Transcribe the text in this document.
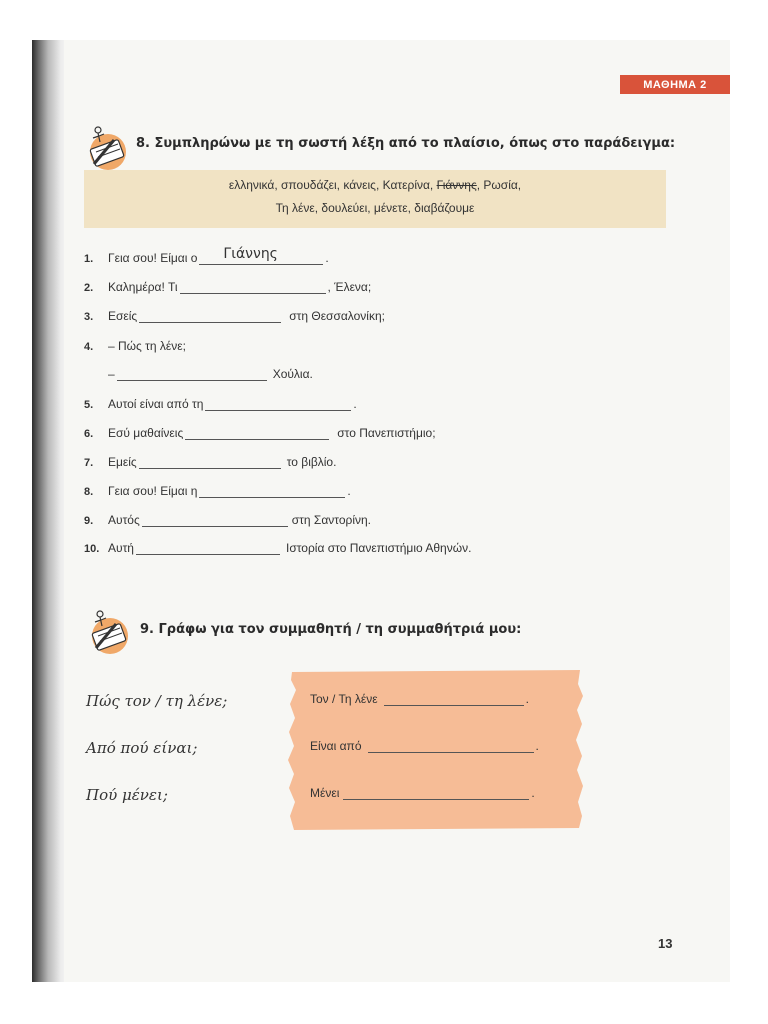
ΜΑΘΗΜΑ 2
8. Συμπληρώνω με τη σωστή λέξη από το πλαίσιο, όπως στο παράδειγμα:
ελληνικά, σπουδάζει, κάνεις, Κατερίνα, Γιάννης, Ρωσία,
Τη λένε, δουλεύει, μένετε, διαβάζουμε
1.	Γεια σου! Είμαι ο Γιάννης	.
2.	Καλημέρα! Τι	, Έλενα;
3.	Εσείς	στη Θεσσαλονίκη;
4.	– Πώς τη λένε;
–	Χούλια.
5.	Αυτοί είναι από τη	.
6.	Εσύ μαθαίνεις	στο Πανεπιστήμιο;
7.	Εμείς	το βιβλίο.
8.	Γεια σου! Είμαι η	.
9.	Αυτός	στη Σαντορίνη.
10. Αυτή	Ιστορία στο Πανεπιστήμιο Αθηνών.
9. Γράφω για τον συμμαθητή / τη συμμαθήτριά μου:
Πώς τον / τη λένε;
Από πού είναι;
Πού μένει;
Τον / Τη λένε	.
Είναι από	.
Μένει	.
13
